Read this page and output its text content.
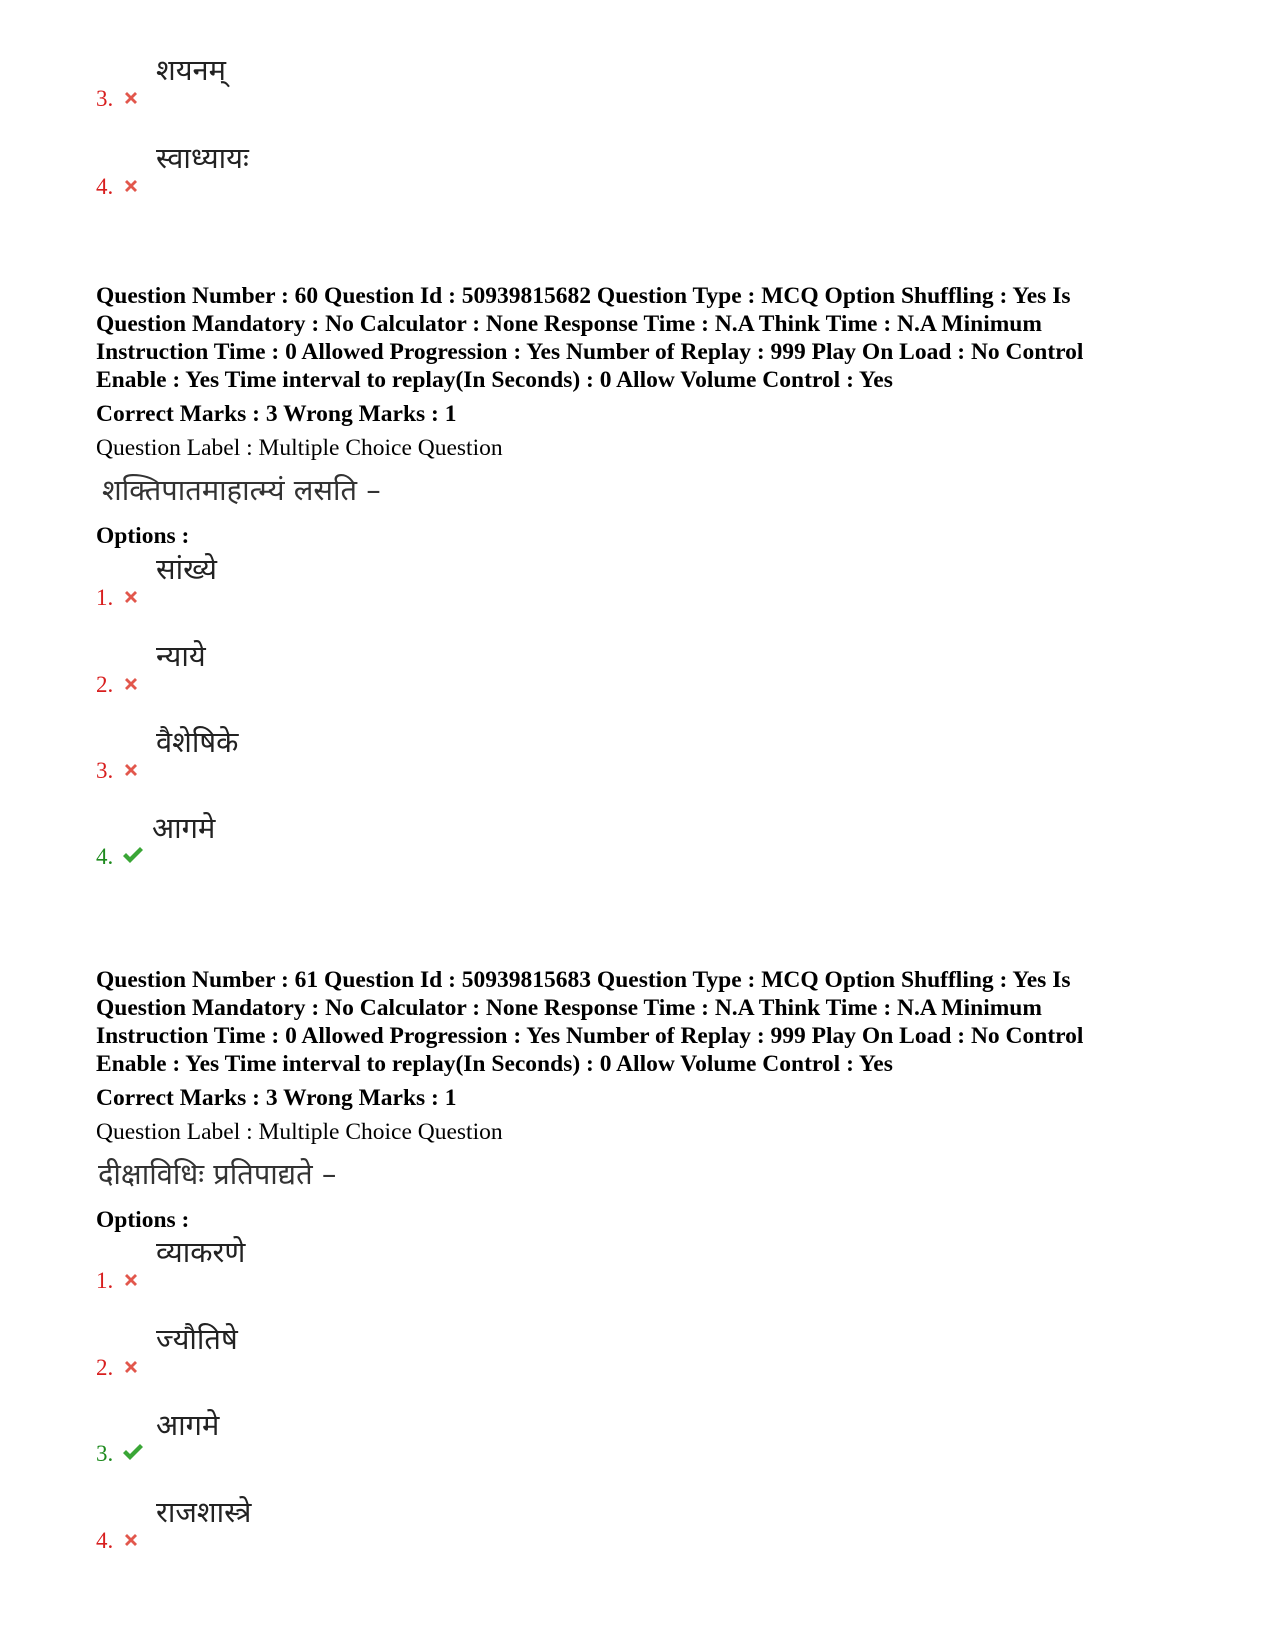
3.
शयनम्
4.
स्वाध्यायः
Question Number : 60 Question Id : 50939815682 Question Type : MCQ Option Shuffling : Yes Is
Question Mandatory : No Calculator : None Response Time : N.A Think Time : N.A Minimum
Instruction Time : 0 Allowed Progression : Yes Number of Replay : 999 Play On Load : No Control
Enable : Yes Time interval to replay(In Seconds) : 0 Allow Volume Control : Yes
Correct Marks : 3 Wrong Marks : 1
Question Label : Multiple Choice Question
शक्तिपातमाहात्म्यं लसति –
Options :
1.
सांख्ये
2.
न्याये
3.
वैशेषिके
4.
आगमे
Question Number : 61 Question Id : 50939815683 Question Type : MCQ Option Shuffling : Yes Is
Question Mandatory : No Calculator : None Response Time : N.A Think Time : N.A Minimum
Instruction Time : 0 Allowed Progression : Yes Number of Replay : 999 Play On Load : No Control
Enable : Yes Time interval to replay(In Seconds) : 0 Allow Volume Control : Yes
Correct Marks : 3 Wrong Marks : 1
Question Label : Multiple Choice Question
दीक्षाविधिः प्रतिपाद्यते –
Options :
1.
व्याकरणे
2.
ज्यौतिषे
3.
आगमे
4.
राजशास्त्रे
